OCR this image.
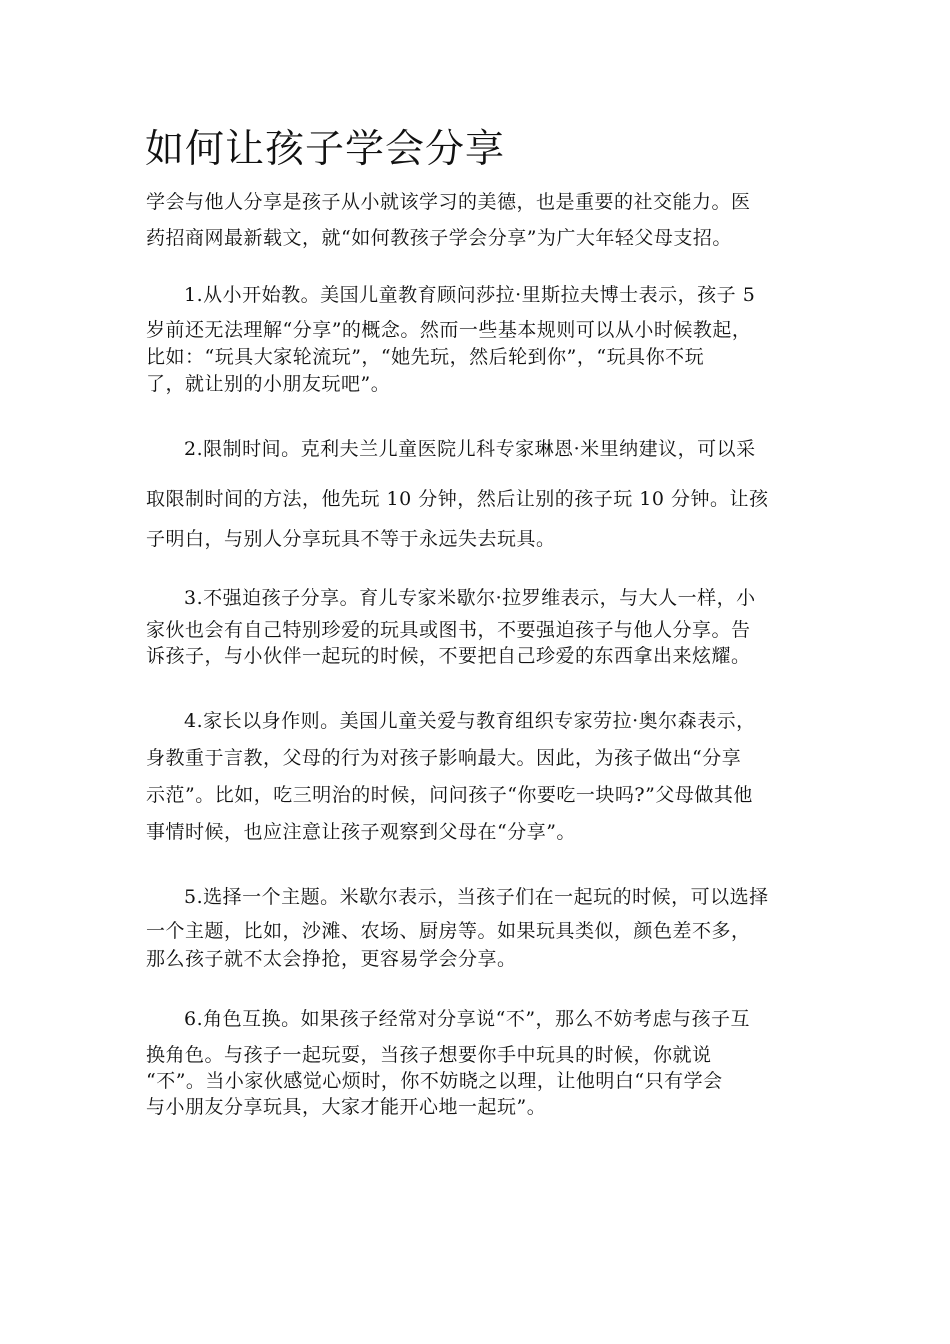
如何让孩子学会分享
学会与他人分享是孩子从小就该学习的美德，也是重要的社交能力。医
药招商网最新载文，就“如何教孩子学会分享”为广大年轻父母支招。
1.从小开始教。美国儿童教育顾问莎拉·里斯拉夫博士表示，孩子 5
岁前还无法理解“分享”的概念。然而一些基本规则可以从小时候教起，
比如：“玩具大家轮流玩”，“她先玩，然后轮到你”，“玩具你不玩
了，就让别的小朋友玩吧”。
2.限制时间。克利夫兰儿童医院儿科专家琳恩·米里纳建议，可以采
取限制时间的方法，他先玩 10 分钟，然后让别的孩子玩 10 分钟。让孩
子明白，与别人分享玩具不等于永远失去玩具。
3.不强迫孩子分享。育儿专家米歇尔·拉罗维表示，与大人一样，小
家伙也会有自己特别珍爱的玩具或图书，不要强迫孩子与他人分享。告
诉孩子，与小伙伴一起玩的时候，不要把自己珍爱的东西拿出来炫耀。
4.家长以身作则。美国儿童关爱与教育组织专家劳拉·奥尔森表示，
身教重于言教，父母的行为对孩子影响最大。因此，为孩子做出“分享
示范”。比如，吃三明治的时候，问问孩子“你要吃一块吗?”父母做其他
事情时候，也应注意让孩子观察到父母在“分享”。
5.选择一个主题。米歇尔表示，当孩子们在一起玩的时候，可以选择
一个主题，比如，沙滩、农场、厨房等。如果玩具类似，颜色差不多，
那么孩子就不太会挣抢，更容易学会分享。
6.角色互换。如果孩子经常对分享说“不”，那么不妨考虑与孩子互
换角色。与孩子一起玩耍，当孩子想要你手中玩具的时候，你就说
“不”。当小家伙感觉心烦时，你不妨晓之以理，让他明白“只有学会
与小朋友分享玩具，大家才能开心地一起玩”。
